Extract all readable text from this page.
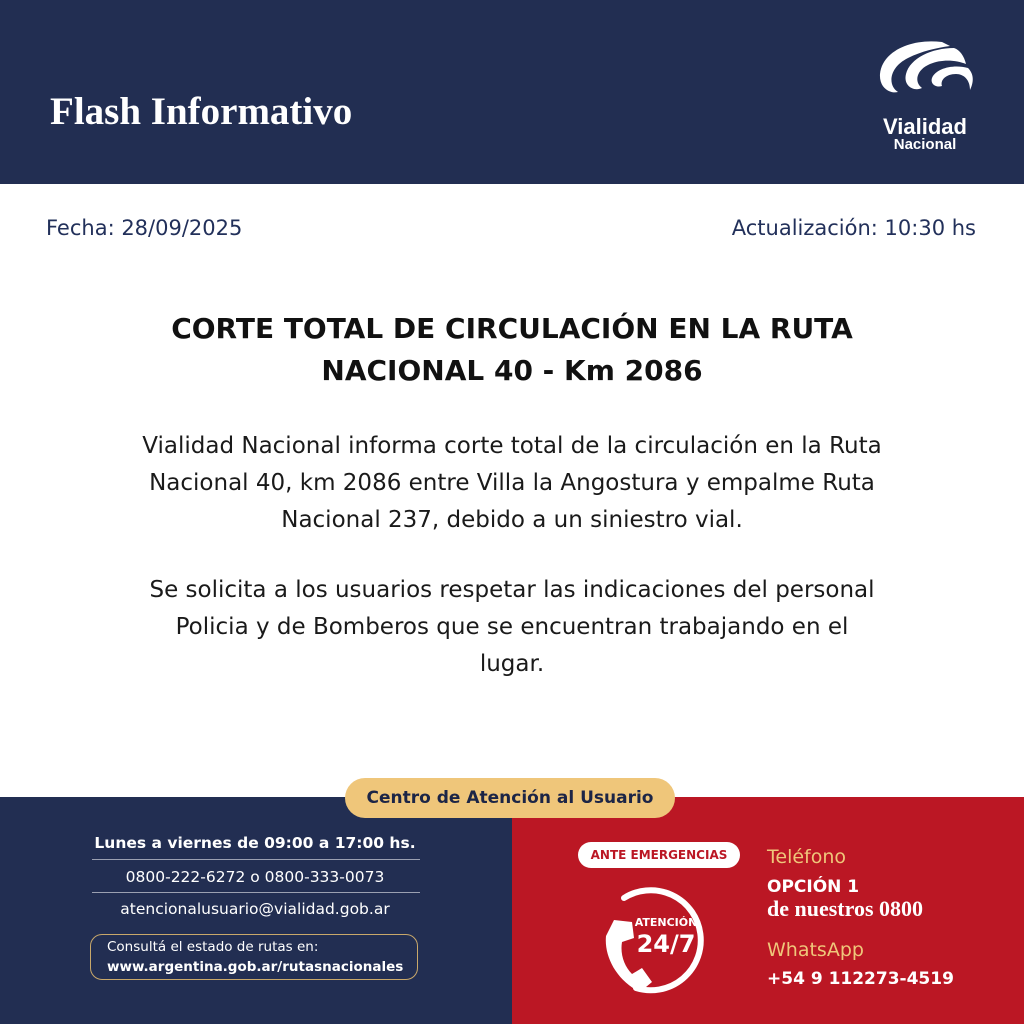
Flash Informativo	Vialidad
Nacional
Fecha: 28/09/2025	Actualización: 10:30 hs
CORTE TOTAL DE CIRCULACIÓN EN LA RUTA
NACIONAL 40 - Km 2086
Vialidad Nacional informa corte total de la circulación en la Ruta
Nacional 40, km 2086 entre Villa la Angostura y empalme Ruta
Nacional 237, debido a un siniestro vial.
Se solicita a los usuarios respetar las indicaciones del personal
Policia y de Bomberos que se encuentran trabajando en el
lugar.
Centro de Atención al Usuario
Lunes a viernes de 09:00 a 17:00 hs.
0800-222-6272 o 0800-333-0073
atencionalusuario@vialidad.gob.ar
Consultá el estado de rutas en:
www.argentina.gob.ar/rutasnacionales
ANTE EMERGENCIAS
ATENCIÓN
24/7
Teléfono
OPCIÓN 1
de nuestros 0800
WhatsApp
+54 9 112273-4519
